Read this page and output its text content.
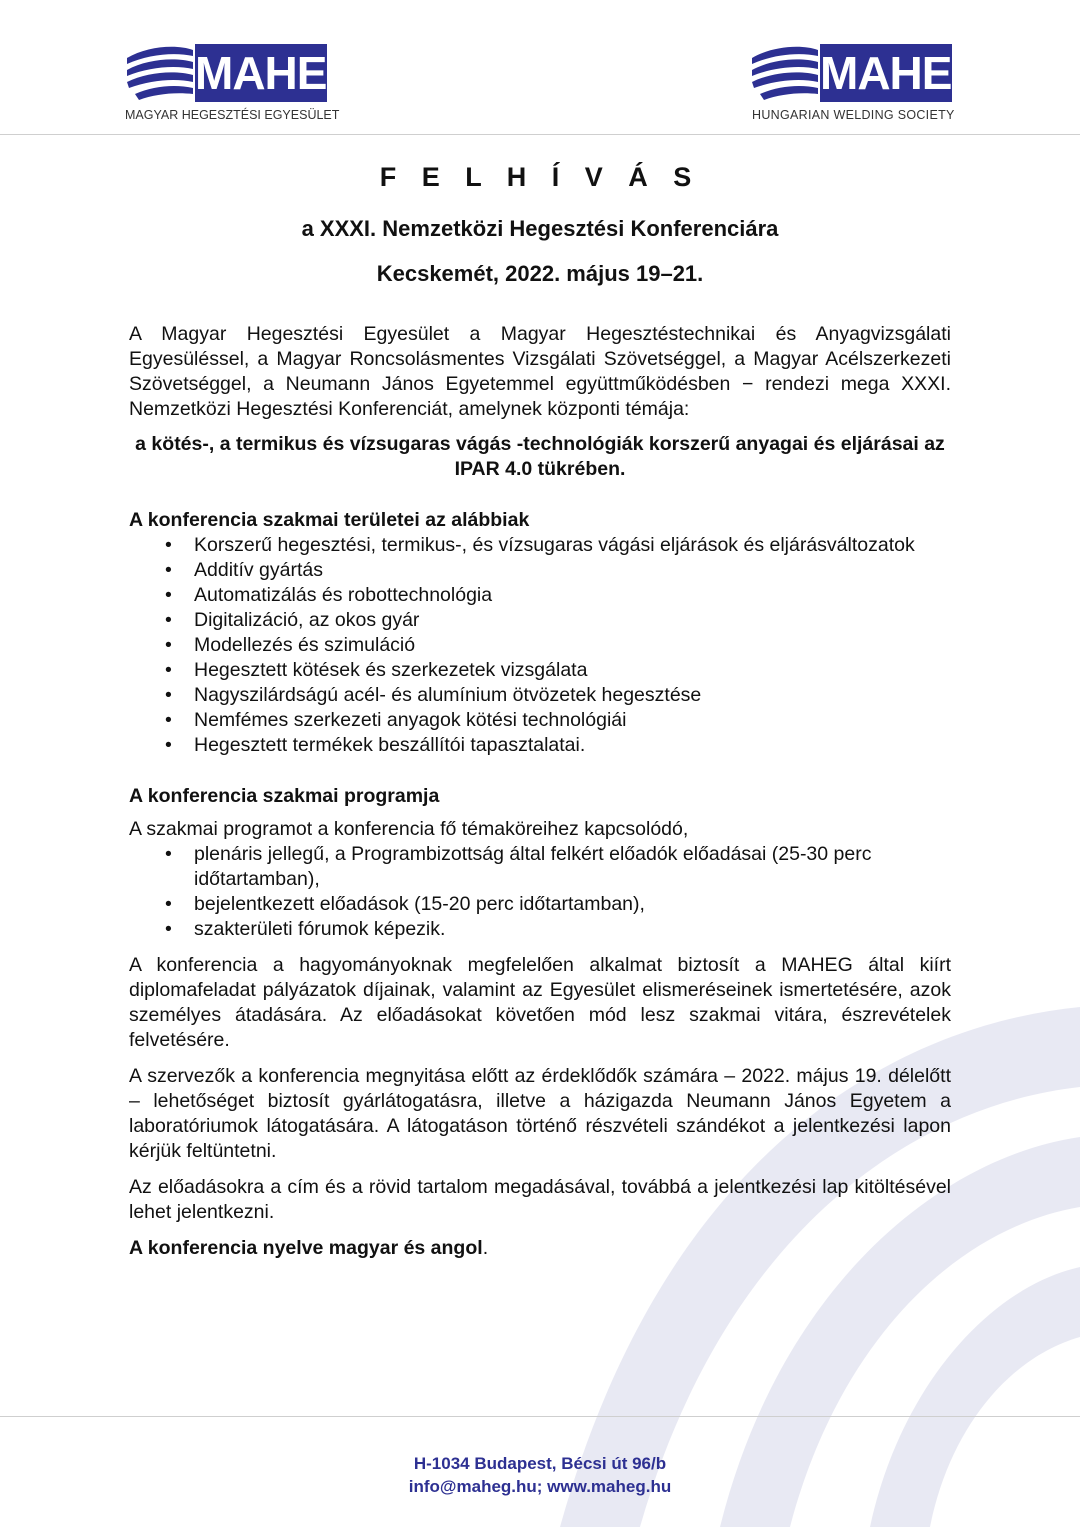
MAHEG
MAGYAR HEGESZTÉSI EGYESÜLET
MAHEG
HUNGARIAN WELDING SOCIETY
F E L H Í V Á S
a XXXI. Nemzetközi Hegesztési Konferenciára
Kecskemét, 2022. május 19–21.

A Magyar Hegesztési Egyesület a Magyar Hegesztéstechnikai és Anyagvizsgálati Egyesüléssel, a Magyar Roncsolásmentes Vizsgálati Szövetséggel, a Magyar Acélszerkezeti Szövetséggel, a Neumann János Egyetemmel együttműködésben − rendezi mega XXXI. Nemzetközi Hegesztési Konferenciát, amelynek központi témája:

a kötés-, a termikus és vízsugaras vágás -technológiák korszerű anyagai és eljárásai az IPAR 4.0 tükrében.

A konferencia szakmai területei az alábbiak

• Korszerű hegesztési, termikus-, és vízsugaras vágási eljárások és eljárásváltozatok
• Additív gyártás
• Automatizálás és robottechnológia
• Digitalizáció, az okos gyár
• Modellezés és szimuláció
• Hegesztett kötések és szerkezetek vizsgálata
• Nagyszilárdságú acél- és alumínium ötvözetek hegesztése
• Nemfémes szerkezeti anyagok kötési technológiái
• Hegesztett termékek beszállítói tapasztalatai.

A konferencia szakmai programja

A szakmai programot a konferencia fő témaköreihez kapcsolódó,

• plenáris jellegű, a Programbizottság által felkért előadók előadásai (25-30 perc időtartamban),
• bejelentkezett előadások (15-20 perc időtartamban),
• szakterületi fórumok képezik.

A konferencia a hagyományoknak megfelelően alkalmat biztosít a MAHEG által kiírt diplomafeladat pályázatok díjainak, valamint az Egyesület elismeréseinek ismertetésére, azok személyes átadására. Az előadásokat követően mód lesz szakmai vitára, észrevételek felvetésére.

A szervezők a konferencia megnyitása előtt az érdeklődők számára – 2022. május 19. délelőtt – lehetőséget biztosít gyárlátogatásra, illetve a házigazda Neumann János Egyetem a laboratóriumok látogatására. A látogatáson történő részvételi szándékot a jelentkezési lapon kérjük feltüntetni.

Az előadásokra a cím és a rövid tartalom megadásával, továbbá a jelentkezési lap kitöltésével lehet jelentkezni.

A konferencia nyelve magyar és angol.

H-1034 Budapest, Bécsi út 96/b
info@maheg.hu; www.maheg.hu
